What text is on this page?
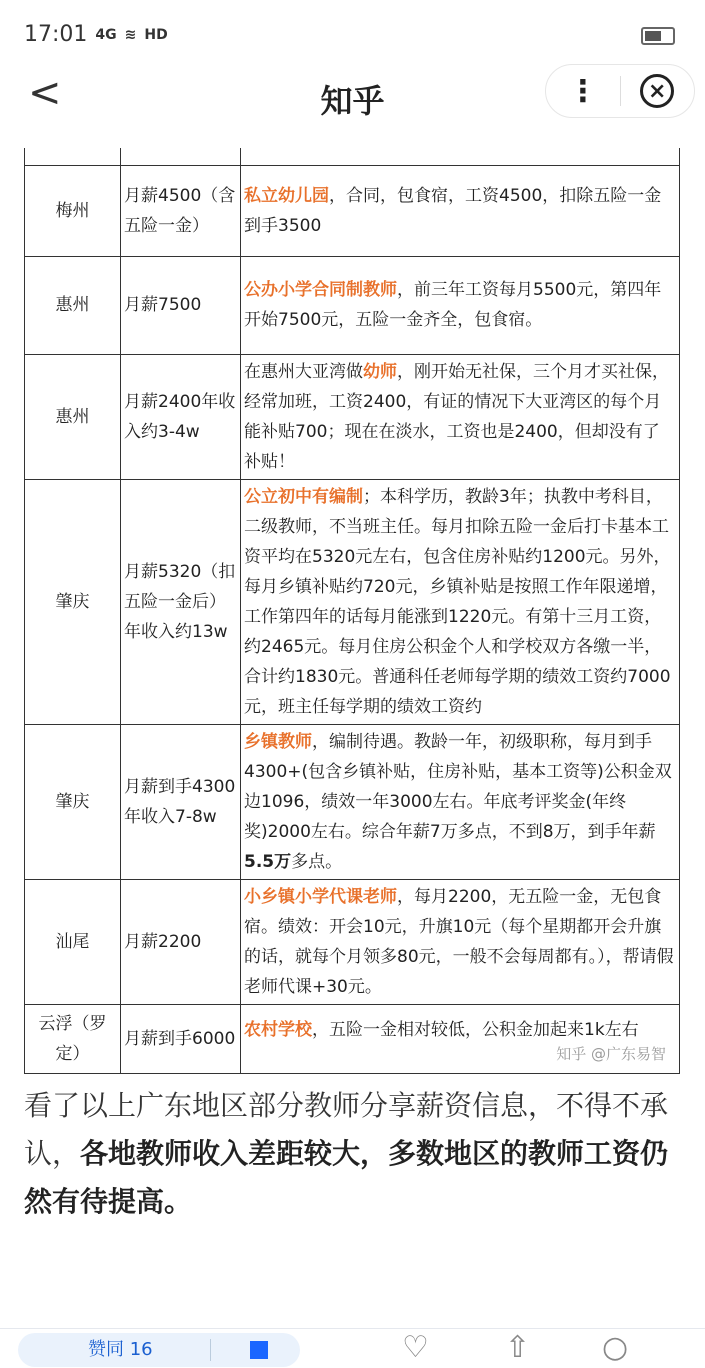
17:01 4G ≋ HD
<	知乎	⋮	×

梅州	月薪4500（含五险一金）	私立幼儿园，合同，包食宿，工资4500，扣除五险一金到手3500
惠州	月薪7500	公办小学合同制教师，前三年工资每月5500元，第四年开始7500元，五险一金齐全，包食宿。
惠州	月薪2400年收入约3-4w	在惠州大亚湾做幼师，刚开始无社保，三个月才买社保，经常加班，工资2400，有证的情况下大亚湾区的每个月能补贴700；现在在淡水，工资也是2400，但却没有了补贴！
肇庆	月薪5320（扣五险一金后）年收入约13w	公立初中有编制；本科学历，教龄3年；执教中考科目，二级教师，不当班主任。每月扣除五险一金后打卡基本工资平均在5320元左右，包含住房补贴约1200元。另外，每月乡镇补贴约720元，乡镇补贴是按照工作年限递增，工作第四年的话每月能涨到1220元。有第十三月工资，约2465元。每月住房公积金个人和学校双方各缴一半，合计约1830元。普通科任老师每学期的绩效工资约7000元，班主任每学期的绩效工资约
肇庆	月薪到手4300年收入7-8w	乡镇教师，编制待遇。教龄一年，初级职称，每月到手4300+(包含乡镇补贴，住房补贴，基本工资等)公积金双边1096，绩效一年3000左右。年底考评奖金(年终奖)2000左右。综合年薪7万多点，不到8万，到手年薪5.5万多点。
汕尾	月薪2200	小乡镇小学代课老师，每月2200，无五险一金，无包食宿。绩效：开会10元，升旗10元（每个星期都开会升旗的话，就每个月领多80元，一般不会每周都有。），帮请假老师代课+30元。
云浮（罗定）	月薪到手6000	农村学校，五险一金相对较低，公积金加起来1k左右
知乎 @广东易智
看了以上广东地区部分教师分享薪资信息，不得不承认，各地教师收入差距较大，多数地区的教师工资仍然有待提高。
赞同 16	♡	⇧ ○
